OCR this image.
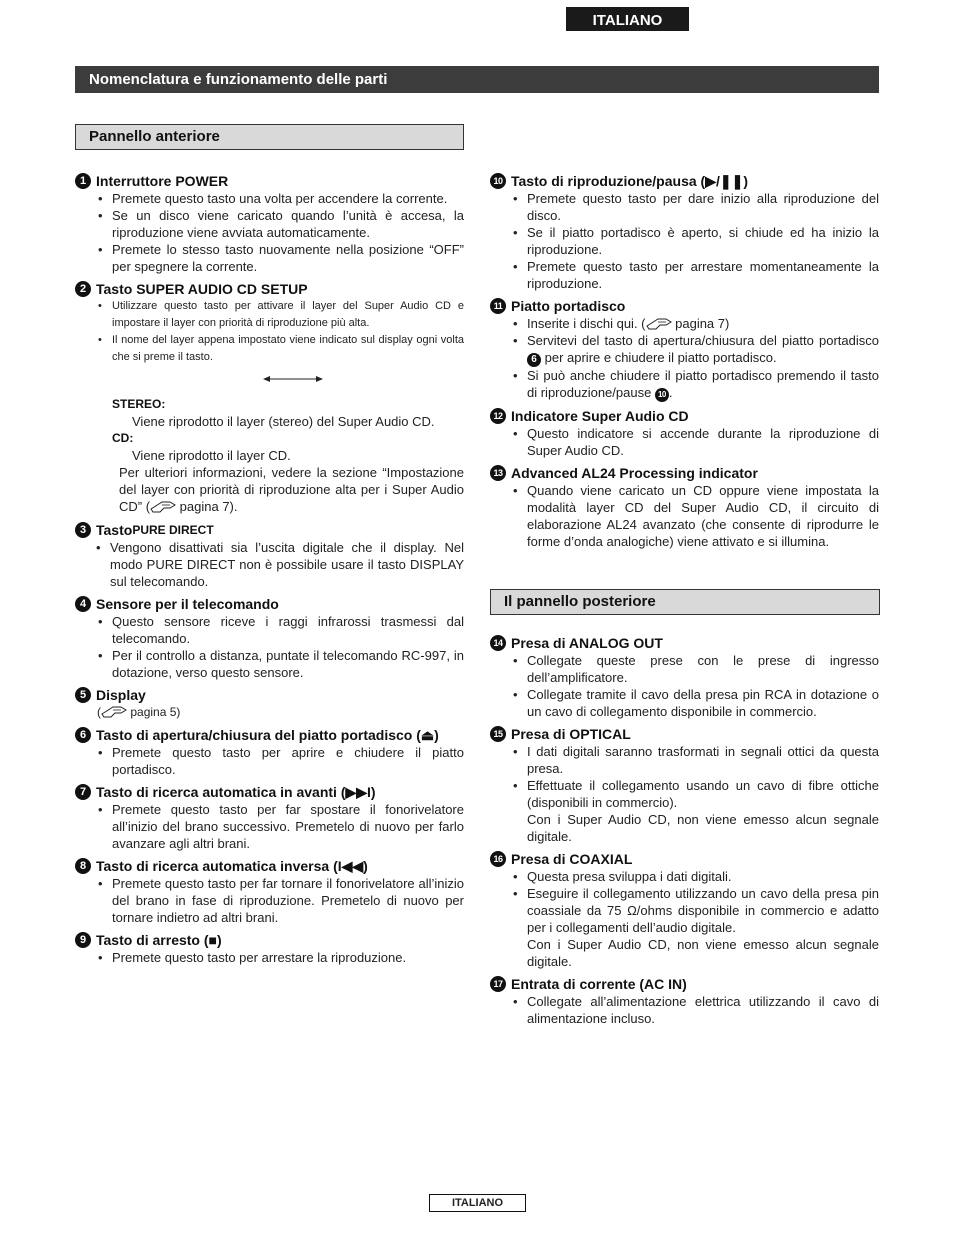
ITALIANO
Nomenclatura e funzionamento delle parti
Pannello anteriore
Il pannello posteriore
1 Interruttore POWER
• Premete questo tasto una volta per accendere la corrente.
• Se un disco viene caricato quando l’unità è accesa, la riproduzione viene avviata automaticamente.
• Premete lo stesso tasto nuovamente nella posizione “OFF” per spegnere la corrente.
2 Tasto SUPER AUDIO CD SETUP
• Utilizzare questo tasto per attivare il layer del Super Audio CD e impostare il layer con priorità di riproduzione più alta.
• Il nome del layer appena impostato viene indicato sul display ogni volta che si preme il tasto.
STEREO:
Viene riprodotto il layer (stereo) del Super Audio CD.
CD:
Viene riprodotto il layer CD.
Per ulteriori informazioni, vedere la sezione “Impostazione del layer con priorità di riproduzione alta per i Super Audio CD” ( pagina 7).
3 Tasto PURE DIRECT
• Vengono disattivati sia l’uscita digitale che il display. Nel modo PURE DIRECT non è possibile usare il tasto DISPLAY sul telecomando.
4 Sensore per il telecomando
• Questo sensore riceve i raggi infrarossi trasmessi dal telecomando.
• Per il controllo a distanza, puntate il telecomando RC-997, in dotazione, verso questo sensore.
5 Display
( pagina 5)
6 Tasto di apertura/chiusura del piatto portadisco (⏏)
• Premete questo tasto per aprire e chiudere il piatto portadisco.
7 Tasto di ricerca automatica in avanti (▶▶I)
• Premete questo tasto per far spostare il fonorivelatore all’inizio del brano successivo. Premetelo di nuovo per farlo avanzare agli altri brani.
8 Tasto di ricerca automatica inversa (I◀◀)
• Premete questo tasto per far tornare il fonorivelatore all’inizio del brano in fase di riproduzione. Premetelo di nuovo per tornare indietro ad altri brani.
9 Tasto di arresto (■)
• Premete questo tasto per arrestare la riproduzione.
10 Tasto di riproduzione/pausa (▶/❚❚)
• Premete questo tasto per dare inizio alla riproduzione del disco.
• Se il piatto portadisco è aperto, si chiude ed ha inizio la riproduzione.
• Premete questo tasto per arrestare momentaneamente la riproduzione.
11 Piatto portadisco
• Inserite i dischi qui. ( pagina 7)
• Servitevi del tasto di apertura/chiusura del piatto portadisco 6 per aprire e chiudere il piatto portadisco.
• Si può anche chiudere il piatto portadisco premendo il tasto di riproduzione/pause 10 .
12 Indicatore Super Audio CD
• Questo indicatore si accende durante la riproduzione di Super Audio CD.
13 Advanced AL24 Processing indicator
• Quando viene caricato un CD oppure viene impostata la modalità layer CD del Super Audio CD, il circuito di elaborazione AL24 avanzato (che consente di riprodurre le forme d’onda analogiche) viene attivato e si illumina.
14 Presa di ANALOG OUT
• Collegate queste prese con le prese di ingresso dell’amplificatore.
• Collegate tramite il cavo della presa pin RCA in dotazione o un cavo di collegamento disponibile in commercio.
15 Presa di OPTICAL
• I dati digitali saranno trasformati in segnali ottici da questa presa.
• Effettuate il collegamento usando un cavo di fibre ottiche (disponibili in commercio).
Con i Super Audio CD, non viene emesso alcun segnale digitale.
16 Presa di COAXIAL
• Questa presa sviluppa i dati digitali.
• Eseguire il collegamento utilizzando un cavo della presa pin coassiale da 75 Ω/ohms disponibile in commercio e adatto per i collegamenti dell’audio digitale.
Con i Super Audio CD, non viene emesso alcun segnale digitale.
17 Entrata di corrente (AC IN)
• Collegate all’alimentazione elettrica utilizzando il cavo di alimentazione incluso.
ITALIANO
